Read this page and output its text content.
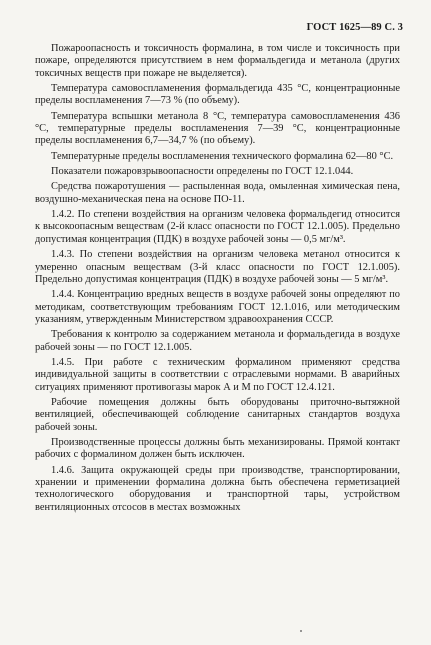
ГОСТ 1625—89 С. 3

Пожароопасность и токсичность формалина, в том числе и токсичность при пожаре, определяются присутствием в нем формальдегида и метанола (других токсичных веществ при пожаре не выделяется).

Температура самовоспламенения формальдегида 435 °С, концентрационные пределы воспламенения 7—73 % (по объему).

Температура вспышки метанола 8 °С, температура самовоспламенения 436 °С, температурные пределы воспламенения 7—39 °С, концентрационные пределы воспламенения 6,7—34,7 % (по объему).

Температурные пределы воспламенения технического формалина 62—80 °С.

Показатели пожаровзрывоопасности определены по ГОСТ 12.1.044.

Средства пожаротушения — распыленная вода, омыленная химическая пена, воздушно-механическая пена на основе ПО-11.

1.4.2. По степени воздействия на организм человека формальдегид относится к высокоопасным веществам (2-й класс опасности по ГОСТ 12.1.005). Предельно допустимая концентрация (ПДК) в воздухе рабочей зоны — 0,5 мг/м³.

1.4.3. По степени воздействия на организм человека метанол относится к умеренно опасным веществам (3-й класс опасности по ГОСТ 12.1.005). Предельно допустимая концентрация (ПДК) в воздухе рабочей зоны — 5 мг/м³.

1.4.4. Концентрацию вредных веществ в воздухе рабочей зоны определяют по методикам, соответствующим требованиям ГОСТ 12.1.016, или методическим указаниям, утвержденным Министерством здравоохранения СССР.

Требования к контролю за содержанием метанола и формальдегида в воздухе рабочей зоны — по ГОСТ 12.1.005.

1.4.5. При работе с техническим формалином применяют средства индивидуальной защиты в соответствии с отраслевыми нормами. В аварийных ситуациях применяют противогазы марок А и М по ГОСТ 12.4.121.

Рабочие помещения должны быть оборудованы приточно-вытяжной вентиляцией, обеспечивающей соблюдение санитарных стандартов воздуха рабочей зоны.

Производственные процессы должны быть механизированы. Прямой контакт рабочих с формалином должен быть исключен.

1.4.6. Защита окружающей среды при производстве, транспортировании, хранении и применении формалина должна быть обеспечена герметизацией технологического оборудования и транспортной тары, устройством вентиляционных отсосов в местах возможных
